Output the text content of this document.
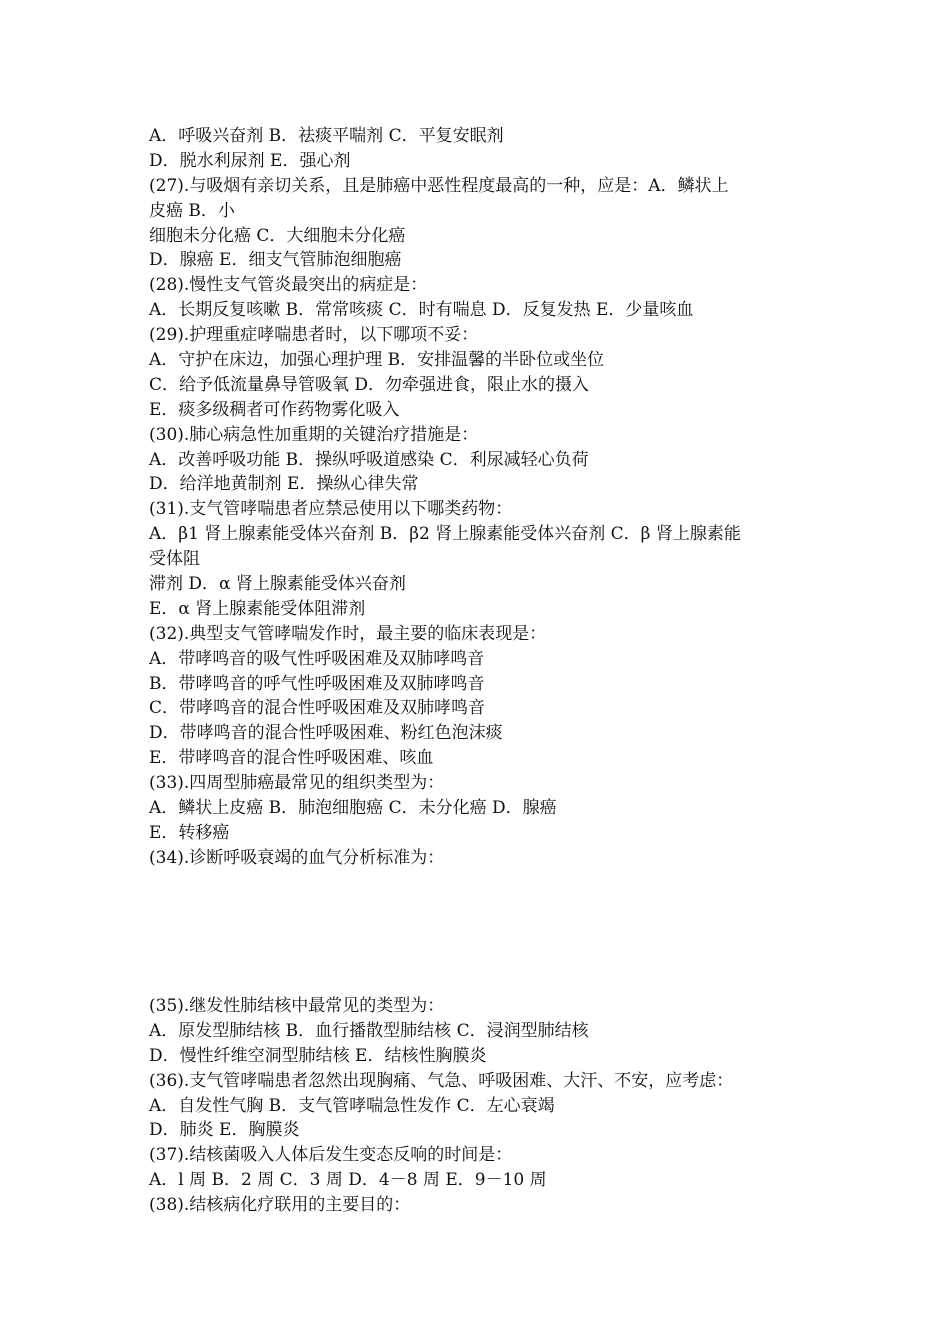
A．呼吸兴奋剂 B．祛痰平喘剂 C．平复安眠剂
D．脱水利尿剂 E．强心剂
(27).与吸烟有亲切关系，且是肺癌中恶性程度最高的一种，应是：A．鳞状上
皮癌 B．小
细胞未分化癌 C．大细胞未分化癌
D．腺癌 E．细支气管肺泡细胞癌
(28).慢性支气管炎最突出的病症是：
A．长期反复咳嗽 B．常常咳痰 C．时有喘息 D．反复发热 E．少量咳血
(29).护理重症哮喘患者时，以下哪项不妥：
A．守护在床边，加强心理护理 B．安排温馨的半卧位或坐位
C．给予低流量鼻导管吸氧 D．勿牵强进食，限止水的摄入
E．痰多级稠者可作药物雾化吸入
(30).肺心病急性加重期的关键治疗措施是：
A．改善呼吸功能 B．操纵呼吸道感染 C．利尿减轻心负荷
D．给洋地黄制剂 E．操纵心律失常
(31).支气管哮喘患者应禁忌使用以下哪类药物：
A．β1 肾上腺素能受体兴奋剂 B．β2 肾上腺素能受体兴奋剂 C．β 肾上腺素能
受体阻
滞剂 D．α 肾上腺素能受体兴奋剂
E．α 肾上腺素能受体阻滞剂
(32).典型支气管哮喘发作时，最主要的临床表现是：
A．带哮鸣音的吸气性呼吸困难及双肺哮鸣音
B．带哮鸣音的呼气性呼吸困难及双肺哮鸣音
C．带哮鸣音的混合性呼吸困难及双肺哮鸣音
D．带哮鸣音的混合性呼吸困难、粉红色泡沫痰
E．带哮鸣音的混合性呼吸困难、咳血
(33).四周型肺癌最常见的组织类型为：
A．鳞状上皮癌 B．肺泡细胞癌 C．未分化癌 D．腺癌
E．转移癌
(34).诊断呼吸衰竭的血气分析标准为：
(35).继发性肺结核中最常见的类型为：
A．原发型肺结核 B．血行播散型肺结核 C．浸润型肺结核
D．慢性纤维空洞型肺结核 E．结核性胸膜炎
(36).支气管哮喘患者忽然出现胸痛、气急、呼吸困难、大汗、不安，应考虑：
A．自发性气胸 B．支气管哮喘急性发作 C．左心衰竭
D．肺炎 E．胸膜炎
(37).结核菌吸入人体后发生变态反响的时间是：
A．l 周 B．2 周 C．3 周 D．4－8 周 E．9－10 周
(38).结核病化疗联用的主要目的：
